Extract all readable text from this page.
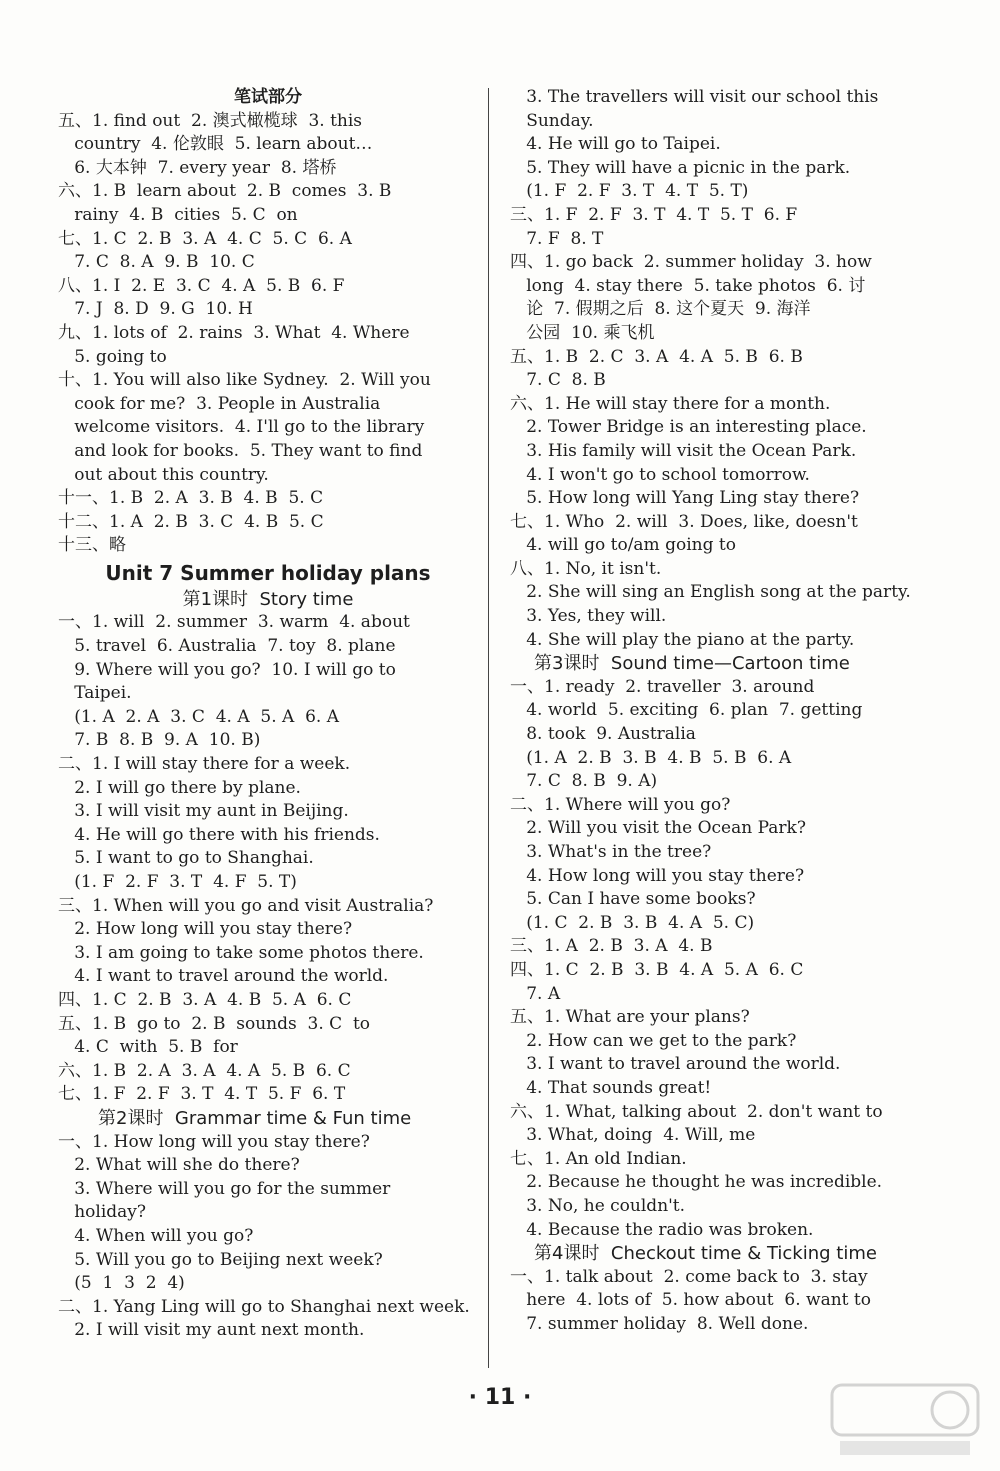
笔试部分
五、1. find out  2. 澳式橄榄球  3. this
country  4. 伦敦眼  5. learn about…
6. 大本钟  7. every year  8. 塔桥
六、1. B  learn about  2. B  comes  3. B
rainy  4. B  cities  5. C  on
七、1. C  2. B  3. A  4. C  5. C  6. A
7. C  8. A  9. B  10. C
八、1. I  2. E  3. C  4. A  5. B  6. F
7. J  8. D  9. G  10. H
九、1. lots of  2. rains  3. What  4. Where
5. going to
十、1. You will also like Sydney.  2. Will you
cook for me?  3. People in Australia
welcome visitors.  4. I'll go to the library
and look for books.  5. They want to find
out about this country.
十一、1. B  2. A  3. B  4. B  5. C
十二、1. A  2. B  3. C  4. B  5. C
十三、略
Unit 7 Summer holiday plans
第1课时  Story time
一、1. will  2. summer  3. warm  4. about
5. travel  6. Australia  7. toy  8. plane
9. Where will you go?  10. I will go to
Taipei.
(1. A  2. A  3. C  4. A  5. A  6. A
7. B  8. B  9. A  10. B)
二、1. I will stay there for a week.
2. I will go there by plane.
3. I will visit my aunt in Beijing.
4. He will go there with his friends.
5. I want to go to Shanghai.
(1. F  2. F  3. T  4. F  5. T)
三、1. When will you go and visit Australia?
2. How long will you stay there?
3. I am going to take some photos there.
4. I want to travel around the world.
四、1. C  2. B  3. A  4. B  5. A  6. C
五、1. B  go to  2. B  sounds  3. C  to
4. C  with  5. B  for
六、1. B  2. A  3. A  4. A  5. B  6. C
七、1. F  2. F  3. T  4. T  5. F  6. T
第2课时  Grammar time & Fun time
一、1. How long will you stay there?
2. What will she do there?
3. Where will you go for the summer
holiday?
4. When will you go?
5. Will you go to Beijing next week?
(5  1  3  2  4)
二、1. Yang Ling will go to Shanghai next week.
2. I will visit my aunt next month.
3. The travellers will visit our school this
Sunday.
4. He will go to Taipei.
5. They will have a picnic in the park.
(1. F  2. F  3. T  4. T  5. T)
三、1. F  2. F  3. T  4. T  5. T  6. F
7. F  8. T
四、1. go back  2. summer holiday  3. how
long  4. stay there  5. take photos  6. 讨
论  7. 假期之后  8. 这个夏天  9. 海洋
公园  10. 乘飞机
五、1. B  2. C  3. A  4. A  5. B  6. B
7. C  8. B
六、1. He will stay there for a month.
2. Tower Bridge is an interesting place.
3. His family will visit the Ocean Park.
4. I won't go to school tomorrow.
5. How long will Yang Ling stay there?
七、1. Who  2. will  3. Does, like, doesn't
4. will go to/am going to
八、1. No, it isn't.
2. She will sing an English song at the party.
3. Yes, they will.
4. She will play the piano at the party.
第3课时  Sound time—Cartoon time
一、1. ready  2. traveller  3. around
4. world  5. exciting  6. plan  7. getting
8. took  9. Australia
(1. A  2. B  3. B  4. B  5. B  6. A
7. C  8. B  9. A)
二、1. Where will you go?
2. Will you visit the Ocean Park?
3. What's in the tree?
4. How long will you stay there?
5. Can I have some books?
(1. C  2. B  3. B  4. A  5. C)
三、1. A  2. B  3. A  4. B
四、1. C  2. B  3. B  4. A  5. A  6. C
7. A
五、1. What are your plans?
2. How can we get to the park?
3. I want to travel around the world.
4. That sounds great!
六、1. What, talking about  2. don't want to
3. What, doing  4. Will, me
七、1. An old Indian.
2. Because he thought he was incredible.
3. No, he couldn't.
4. Because the radio was broken.
第4课时  Checkout time & Ticking time
一、1. talk about  2. come back to  3. stay
here  4. lots of  5. how about  6. want to
7. summer holiday  8. Well done.
· 11 ·
